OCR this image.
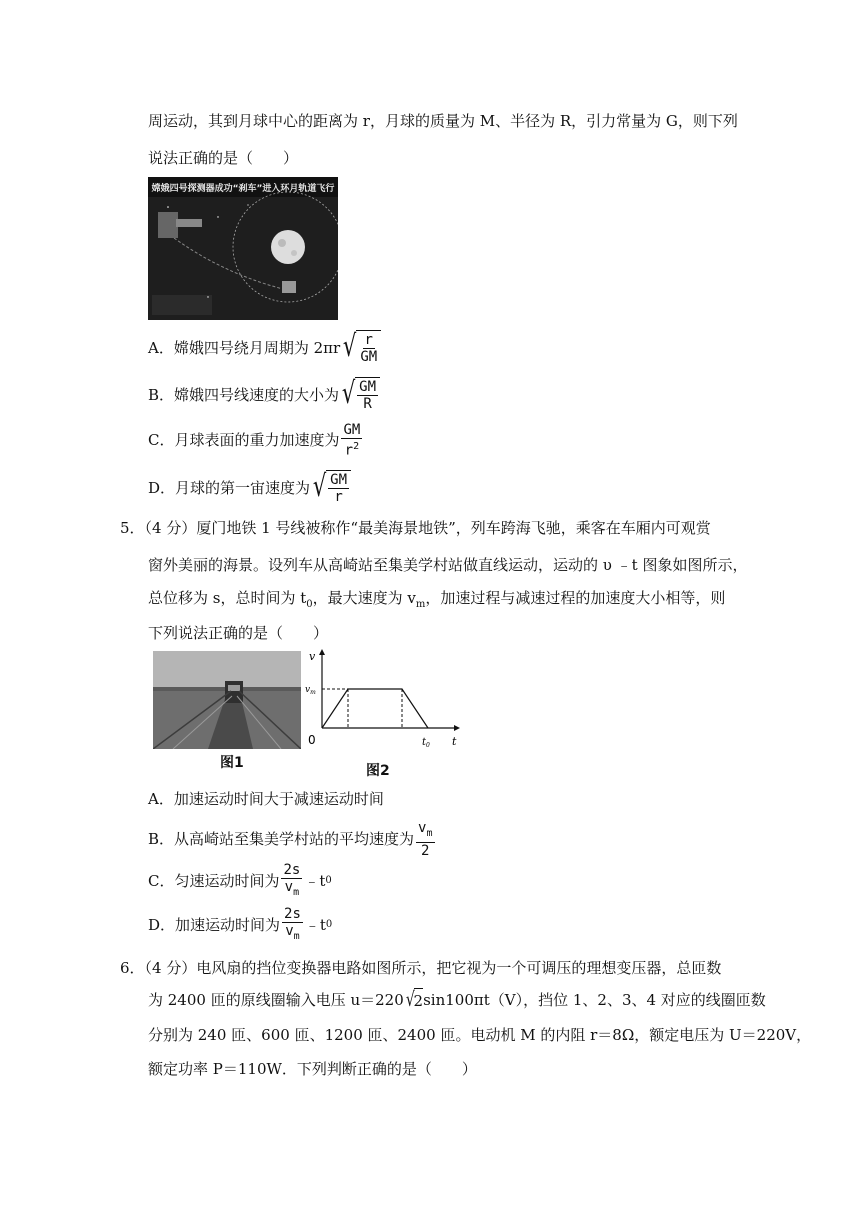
周运动，其到月球中心的距离为 r，月球的质量为 M、半径为 R，引力常量为 G，则下列
说法正确的是（　　）
嫦娥四号探测器成功“刹车”进入环月轨道飞行
A．嫦娥四号绕月周期为 2πr √ $\frac{r}{GM}$
B．嫦娥四号线速度的大小为 √ $\frac{GM}{R}$
C．月球表面的重力加速度为 $\frac{GM}{r^2}$
D．月球的第一宙速度为 √ $\frac{GM}{r}$
5．（4 分）厦门地铁 1 号线被称作“最美海景地铁”，列车跨海飞驰，乘客在车厢内可观赏
窗外美丽的海景。设列车从高崎站至集美学村站做直线运动，运动的 υ ﹣t 图象如图所示，
总位移为 s，总时间为 $t_0$，最大速度为 $v_m$，加速过程与减速过程的加速度大小相等，则
下列说法正确的是（　　）
图1
v
$v_m$
0	$t_0$ t
图2
A．加速运动时间大于减速运动时间
B．从高崎站至集美学村站的平均速度为 $\frac{v_m}{2}$
C．匀速运动时间为 $\frac{2s}{v_m}$ ﹣t 0
D．加速运动时间为 $\frac{2s}{v_m}$ ﹣t 0
6．（4 分）电风扇的挡位变换器电路如图所示，把它视为一个可调压的理想变压器，总匝数
为 2400 匝的原线圈输入电压 u＝220 √
2 sin100πt（V），挡位 1、2、3、4 对应的线圈匝数
分别为 240 匝、600 匝、1200 匝、2400 匝。电动机 M 的内阻 r＝8Ω，额定电压为 U＝220V，
额定功率 P＝110W．下列判断正确的是（　　）
